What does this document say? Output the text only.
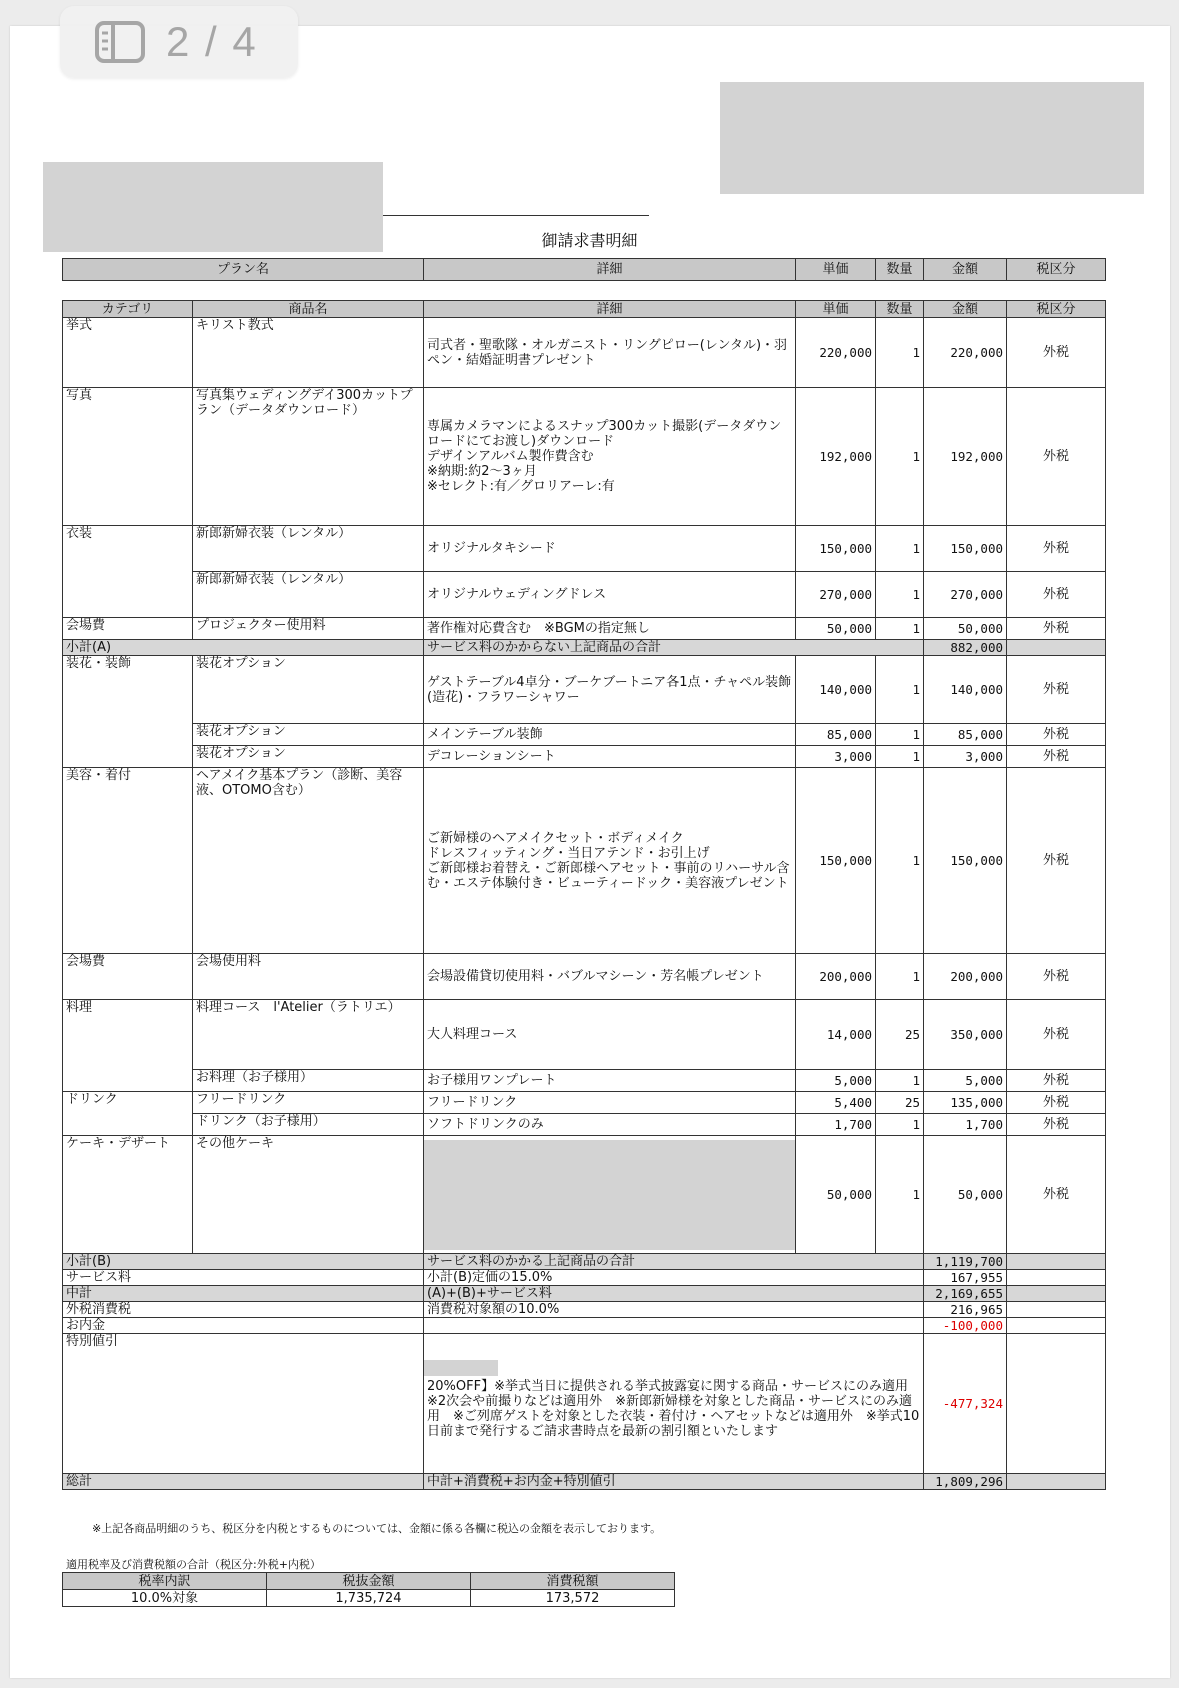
2 / 4
御請求書明細
プラン名	詳細	単価	数量	金額	税区分
カテゴリ	商品名	詳細	単価	数量	金額	税区分
挙式	キリスト教式	司式者・聖歌隊・オルガニスト・リングピロー(レンタル)・羽ペン・結婚証明書プレゼント	220,000	1	220,000	外税
写真	写真集ウェディングデイ300カットプラン（データダウンロード）	専属カメラマンによるスナップ300カット撮影(データダウンロードにてお渡し)ダウンロード
デザインアルバム製作費含む
※納期:約2〜3ヶ月
※セレクト:有／グロリアーレ:有	192,000	1	192,000	外税
衣装	新郎新婦衣装（レンタル）	オリジナルタキシード	150,000	1	150,000	外税
	新郎新婦衣装（レンタル）	オリジナルウェディングドレス	270,000	1	270,000	外税
会場費	プロジェクター使用料	著作権対応費含む　※BGMの指定無し	50,000	1	50,000	外税
小計(A)		サービス料のかからない上記商品の合計			882,000	
装花・装飾	装花オプション	ゲストテーブル4卓分・ブーケブートニア各1点・チャペル装飾(造花)・フラワーシャワー	140,000	1	140,000	外税
	装花オプション	メインテーブル装飾	85,000	1	85,000	外税
	装花オプション	デコレーションシート	3,000	1	3,000	外税
美容・着付	ヘアメイク基本プラン（診断、美容液、OTOMO含む）	ご新婦様のヘアメイクセット・ボディメイク
ドレスフィッティング・当日アテンド・お引上げ
ご新郎様お着替え・ご新郎様ヘアセット・事前のリハーサル含む・エステ体験付き・ビューティードック・美容液プレゼント	150,000	1	150,000	外税
会場費	会場使用料	会場設備貸切使用料・バブルマシーン・芳名帳プレゼント	200,000	1	200,000	外税
料理	料理コース　l'Atelier（ラトリエ）	大人料理コース	14,000	25	350,000	外税
	お料理（お子様用）	お子様用ワンプレート	5,000	1	5,000	外税
ドリンク	フリードリンク	フリードリンク	5,400	25	135,000	外税
	ドリンク（お子様用）	ソフトドリンクのみ	1,700	1	1,700	外税
ケーキ・デザート	その他ケーキ		50,000	1	50,000	外税
小計(B)		サービス料のかかる上記商品の合計			1,119,700	
サービス料		小計(B)定価の15.0%			167,955	
中計		(A)+(B)+サービス料			2,169,655	
外税消費税		消費税対象額の10.0%			216,965	
お内金					-100,000	
特別値引		20%OFF】※挙式当日に提供される挙式披露宴に関する商品・サービスにのみ適用　※2次会や前撮りなどは適用外　※新郎新婦様を対象とした商品・サービスにのみ適用　※ご列席ゲストを対象とした衣装・着付け・ヘアセットなどは適用外　※挙式10日前まで発行するご請求書時点を最新の割引額といたします			-477,324	
総計		中計+消費税+お内金+特別値引			1,809,296	
※上記各商品明細のうち、税区分を内税とするものについては、金額に係る各欄に税込の金額を表示しております。
適用税率及び消費税額の合計（税区分:外税+内税）
税率内訳	税抜金額	消費税額
10.0%対象	1,735,724	173,572
